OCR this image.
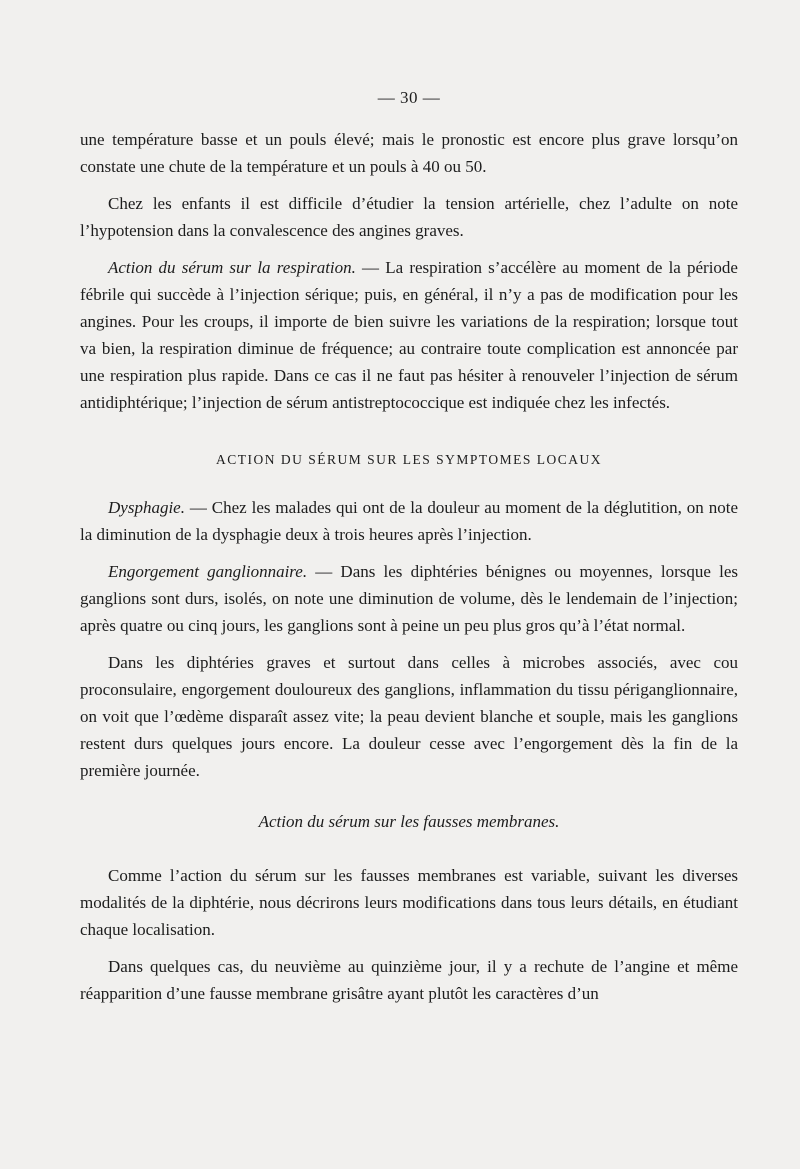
— 30 —

une température basse et un pouls élevé; mais le pronostic est encore plus grave lorsqu’on constate une chute de la température et un pouls à 40 ou 50.

Chez les enfants il est difficile d’étudier la tension artérielle, chez l’adulte on note l’hypotension dans la convalescence des angines graves.

Action du sérum sur la respiration. — La respiration s’accélère au moment de la période fébrile qui succède à l’injection sérique; puis, en général, il n’y a pas de modification pour les angines. Pour les croups, il importe de bien suivre les variations de la respiration; lorsque tout va bien, la respiration diminue de fréquence; au contraire toute complication est annoncée par une respiration plus rapide. Dans ce cas il ne faut pas hésiter à renouveler l’injection de sérum antidiphtérique; l’injection de sérum antistreptococcique est indiquée chez les infectés.

ACTION DU SÉRUM SUR LES SYMPTOMES LOCAUX

Dysphagie. — Chez les malades qui ont de la douleur au moment de la déglutition, on note la diminution de la dysphagie deux à trois heures après l’injection.

Engorgement ganglionnaire. — Dans les diphtéries bénignes ou moyennes, lorsque les ganglions sont durs, isolés, on note une diminution de volume, dès le lendemain de l’injection; après quatre ou cinq jours, les ganglions sont à peine un peu plus gros qu’à l’état normal.

Dans les diphtéries graves et surtout dans celles à microbes associés, avec cou proconsulaire, engorgement douloureux des ganglions, inflammation du tissu périganglionnaire, on voit que l’œdème disparaît assez vite; la peau devient blanche et souple, mais les ganglions restent durs quelques jours encore. La douleur cesse avec l’engorgement dès la fin de la première journée.

Action du sérum sur les fausses membranes.

Comme l’action du sérum sur les fausses membranes est variable, suivant les diverses modalités de la diphtérie, nous décrirons leurs modifications dans tous leurs détails, en étudiant chaque localisation.

Dans quelques cas, du neuvième au quinzième jour, il y a rechute de l’angine et même réapparition d’une fausse membrane grisâtre ayant plutôt les caractères d’un
